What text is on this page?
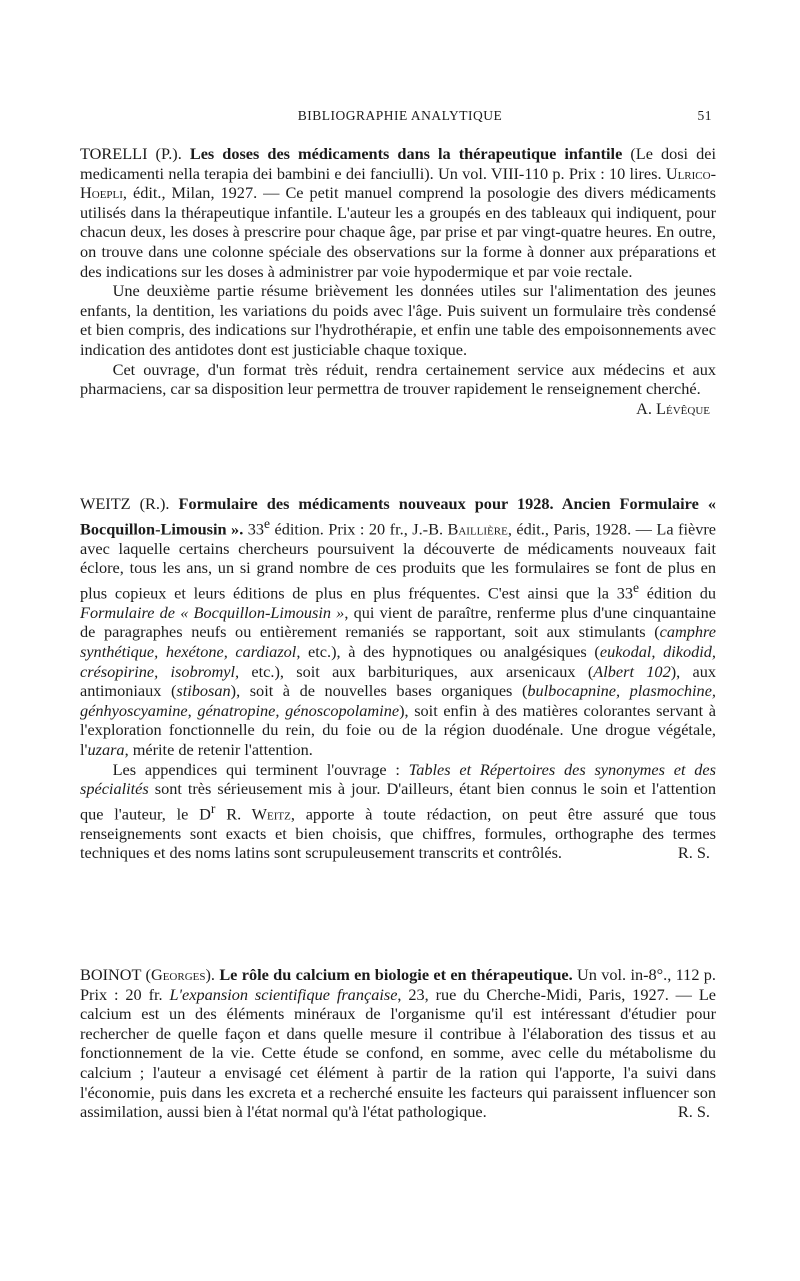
BIBLIOGRAPHIE ANALYTIQUE	51

TORELLI (P.). Les doses des médicaments dans la thérapeutique infantile (Le dosi dei medicamenti nella terapia dei bambini e dei fanciulli). Un vol. VIII-110 p. Prix : 10 lires. Ulrico-Hoepli, édit., Milan, 1927. — Ce petit manuel comprend la posologie des divers médicaments utilisés dans la thérapeutique infantile. L'auteur les a groupés en des tableaux qui indiquent, pour chacun deux, les doses à prescrire pour chaque âge, par prise et par vingt-quatre heures. En outre, on trouve dans une colonne spéciale des observations sur la forme à donner aux préparations et des indications sur les doses à administrer par voie hypodermique et par voie rectale.

Une deuxième partie résume brièvement les données utiles sur l'alimentation des jeunes enfants, la dentition, les variations du poids avec l'âge. Puis suivent un formulaire très condensé et bien compris, des indications sur l'hydrothérapie, et enfin une table des empoisonnements avec indication des antidotes dont est justiciable chaque toxique.

Cet ouvrage, d'un format très réduit, rendra certainement service aux médecins et aux pharmaciens, car sa disposition leur permettra de trouver rapidement le renseignement cherché.
A. Lévêque

WEITZ (R.). Formulaire des médicaments nouveaux pour 1928. Ancien Formulaire « Bocquillon-Limousin ». 33e édition. Prix : 20 fr., J.-B. Baillière, édit., Paris, 1928. — La fièvre avec laquelle certains chercheurs poursuivent la découverte de médicaments nouveaux fait éclore, tous les ans, un si grand nombre de ces produits que les formulaires se font de plus en plus copieux et leurs éditions de plus en plus fréquentes. C'est ainsi que la 33e édition du Formulaire de « Bocquillon-Limousin », qui vient de paraître, renferme plus d'une cinquantaine de paragraphes neufs ou entièrement remaniés se rapportant, soit aux stimulants (camphre synthétique, hexétone, cardiazol, etc.), à des hypnotiques ou analgésiques (eukodal, dikodid, crésopirine, isobromyl, etc.), soit aux barbituriques, aux arsenicaux (Albert 102), aux antimoniaux (stibosan), soit à de nouvelles bases organiques (bulbocapnine, plasmochine, génhyoscyamine, génatropine, génoscopolamine), soit enfin à des matières colorantes servant à l'exploration fonctionnelle du rein, du foie ou de la région duodénale. Une drogue végétale, l'uzara, mérite de retenir l'attention.

Les appendices qui terminent l'ouvrage : Tables et Répertoires des synonymes et des spécialités sont très sérieusement mis à jour. D'ailleurs, étant bien connus le soin et l'attention que l'auteur, le $D^r$ R. Weitz, apporte à toute rédaction, on peut être assuré que tous renseignements sont exacts et bien choisis, que chiffres, formules, orthographe des termes techniques et des noms latins sont scrupuleusement transcrits et contrôlés.	R. S.

BOINOT (Georges). Le rôle du calcium en biologie et en thérapeutique. Un vol. in-8°., 112 p. Prix : 20 fr. L'expansion scientifique française, 23, rue du Cherche-Midi, Paris, 1927. — Le calcium est un des éléments minéraux de l'organisme qu'il est intéressant d'étudier pour rechercher de quelle façon et dans quelle mesure il contribue à l'élaboration des tissus et au fonctionnement de la vie. Cette étude se confond, en somme, avec celle du métabolisme du calcium ; l'auteur a envisagé cet élément à partir de la ration qui l'apporte, l'a suivi dans l'économie, puis dans les excreta et a recherché ensuite les facteurs qui paraissent influencer son assimilation, aussi bien à l'état normal qu'à l'état pathologique.	R. S.
